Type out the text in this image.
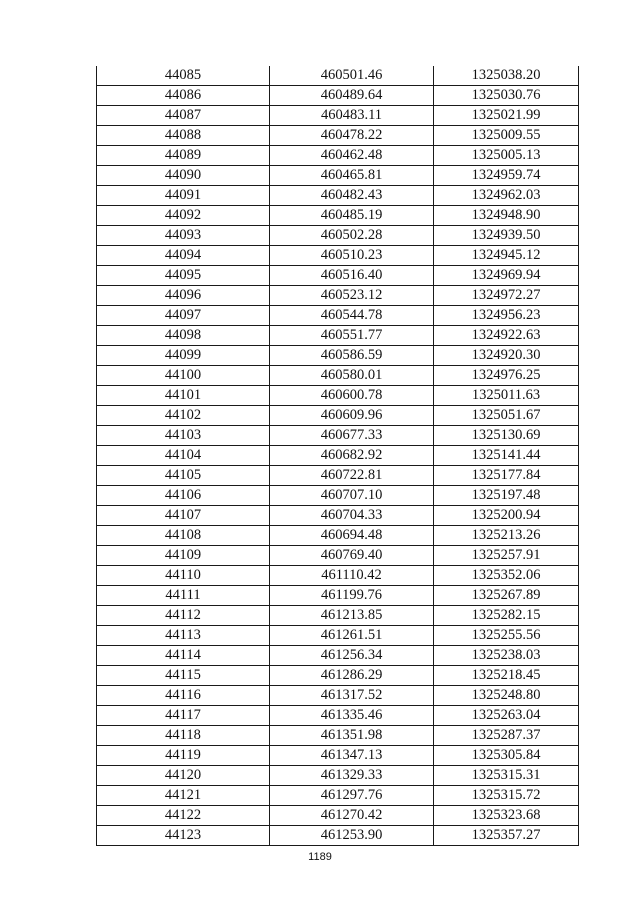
44085	460501.46	1325038.20
44086	460489.64	1325030.76
44087	460483.11	1325021.99
44088	460478.22	1325009.55
44089	460462.48	1325005.13
44090	460465.81	1324959.74
44091	460482.43	1324962.03
44092	460485.19	1324948.90
44093	460502.28	1324939.50
44094	460510.23	1324945.12
44095	460516.40	1324969.94
44096	460523.12	1324972.27
44097	460544.78	1324956.23
44098	460551.77	1324922.63
44099	460586.59	1324920.30
44100	460580.01	1324976.25
44101	460600.78	1325011.63
44102	460609.96	1325051.67
44103	460677.33	1325130.69
44104	460682.92	1325141.44
44105	460722.81	1325177.84
44106	460707.10	1325197.48
44107	460704.33	1325200.94
44108	460694.48	1325213.26
44109	460769.40	1325257.91
44110	461110.42	1325352.06
44111	461199.76	1325267.89
44112	461213.85	1325282.15
44113	461261.51	1325255.56
44114	461256.34	1325238.03
44115	461286.29	1325218.45
44116	461317.52	1325248.80
44117	461335.46	1325263.04
44118	461351.98	1325287.37
44119	461347.13	1325305.84
44120	461329.33	1325315.31
44121	461297.76	1325315.72
44122	461270.42	1325323.68
44123	461253.90	1325357.27
1189
